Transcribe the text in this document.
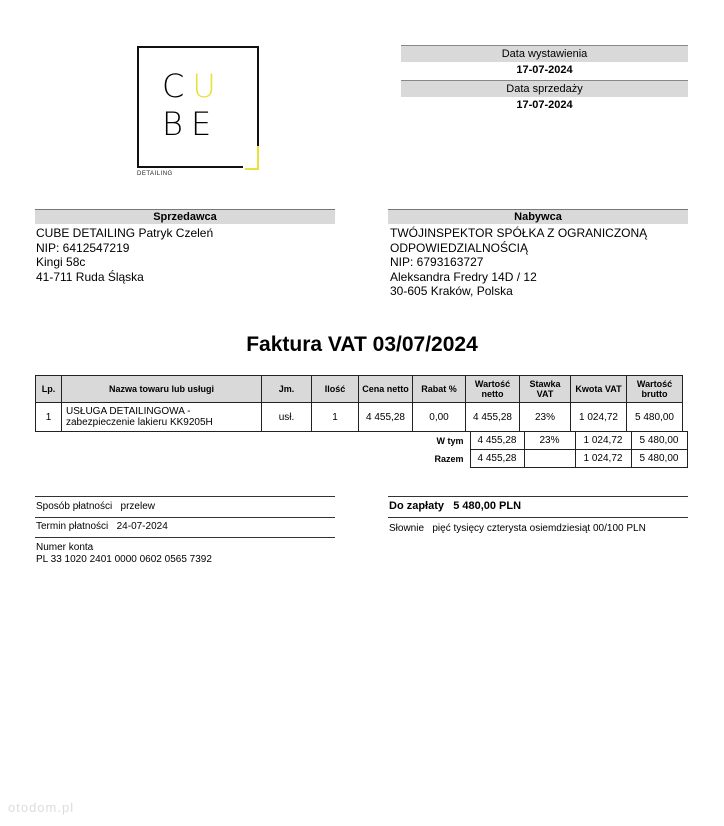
CU
BE
DETAILING
Data wystawienia
17-07-2024
Data sprzedaży
17-07-2024
Sprzedawca
CUBE DETAILING Patryk Czeleń
NIP: 6412547219
Kingi 58c
41-711 Ruda Śląska
Nabywca
TWÓJINSPEKTOR SPÓŁKA Z OGRANICZONĄ
ODPOWIEDZIALNOŚCIĄ
NIP: 6793163727
Aleksandra Fredry 14D / 12
30-605 Kraków, Polska
Faktura VAT 03/07/2024
Lp.	Nazwa towaru lub usługi	Jm.	Ilość	Cena netto	Rabat %	Wartość netto	Stawka VAT	Kwota VAT	Wartość brutto
1	USŁUGA DETAILINGOWA -
zabezpieczenie lakieru KK9205H	usł.	1	4 455,28	0,00	4 455,28	23%	1 024,72	5 480,00
W tym	4 455,28	23%	1 024,72	5 480,00
Razem	4 455,28		1 024,72	5 480,00
Sposób płatności przelew
Termin płatności 24-07-2024
Numer konta
PL 33 1020 2401 0000 0602 0565 7392
Do zapłaty 5 480,00 PLN
Słownie pięć tysięcy czterysta osiemdziesiąt 00/100 PLN
otodom.pl
